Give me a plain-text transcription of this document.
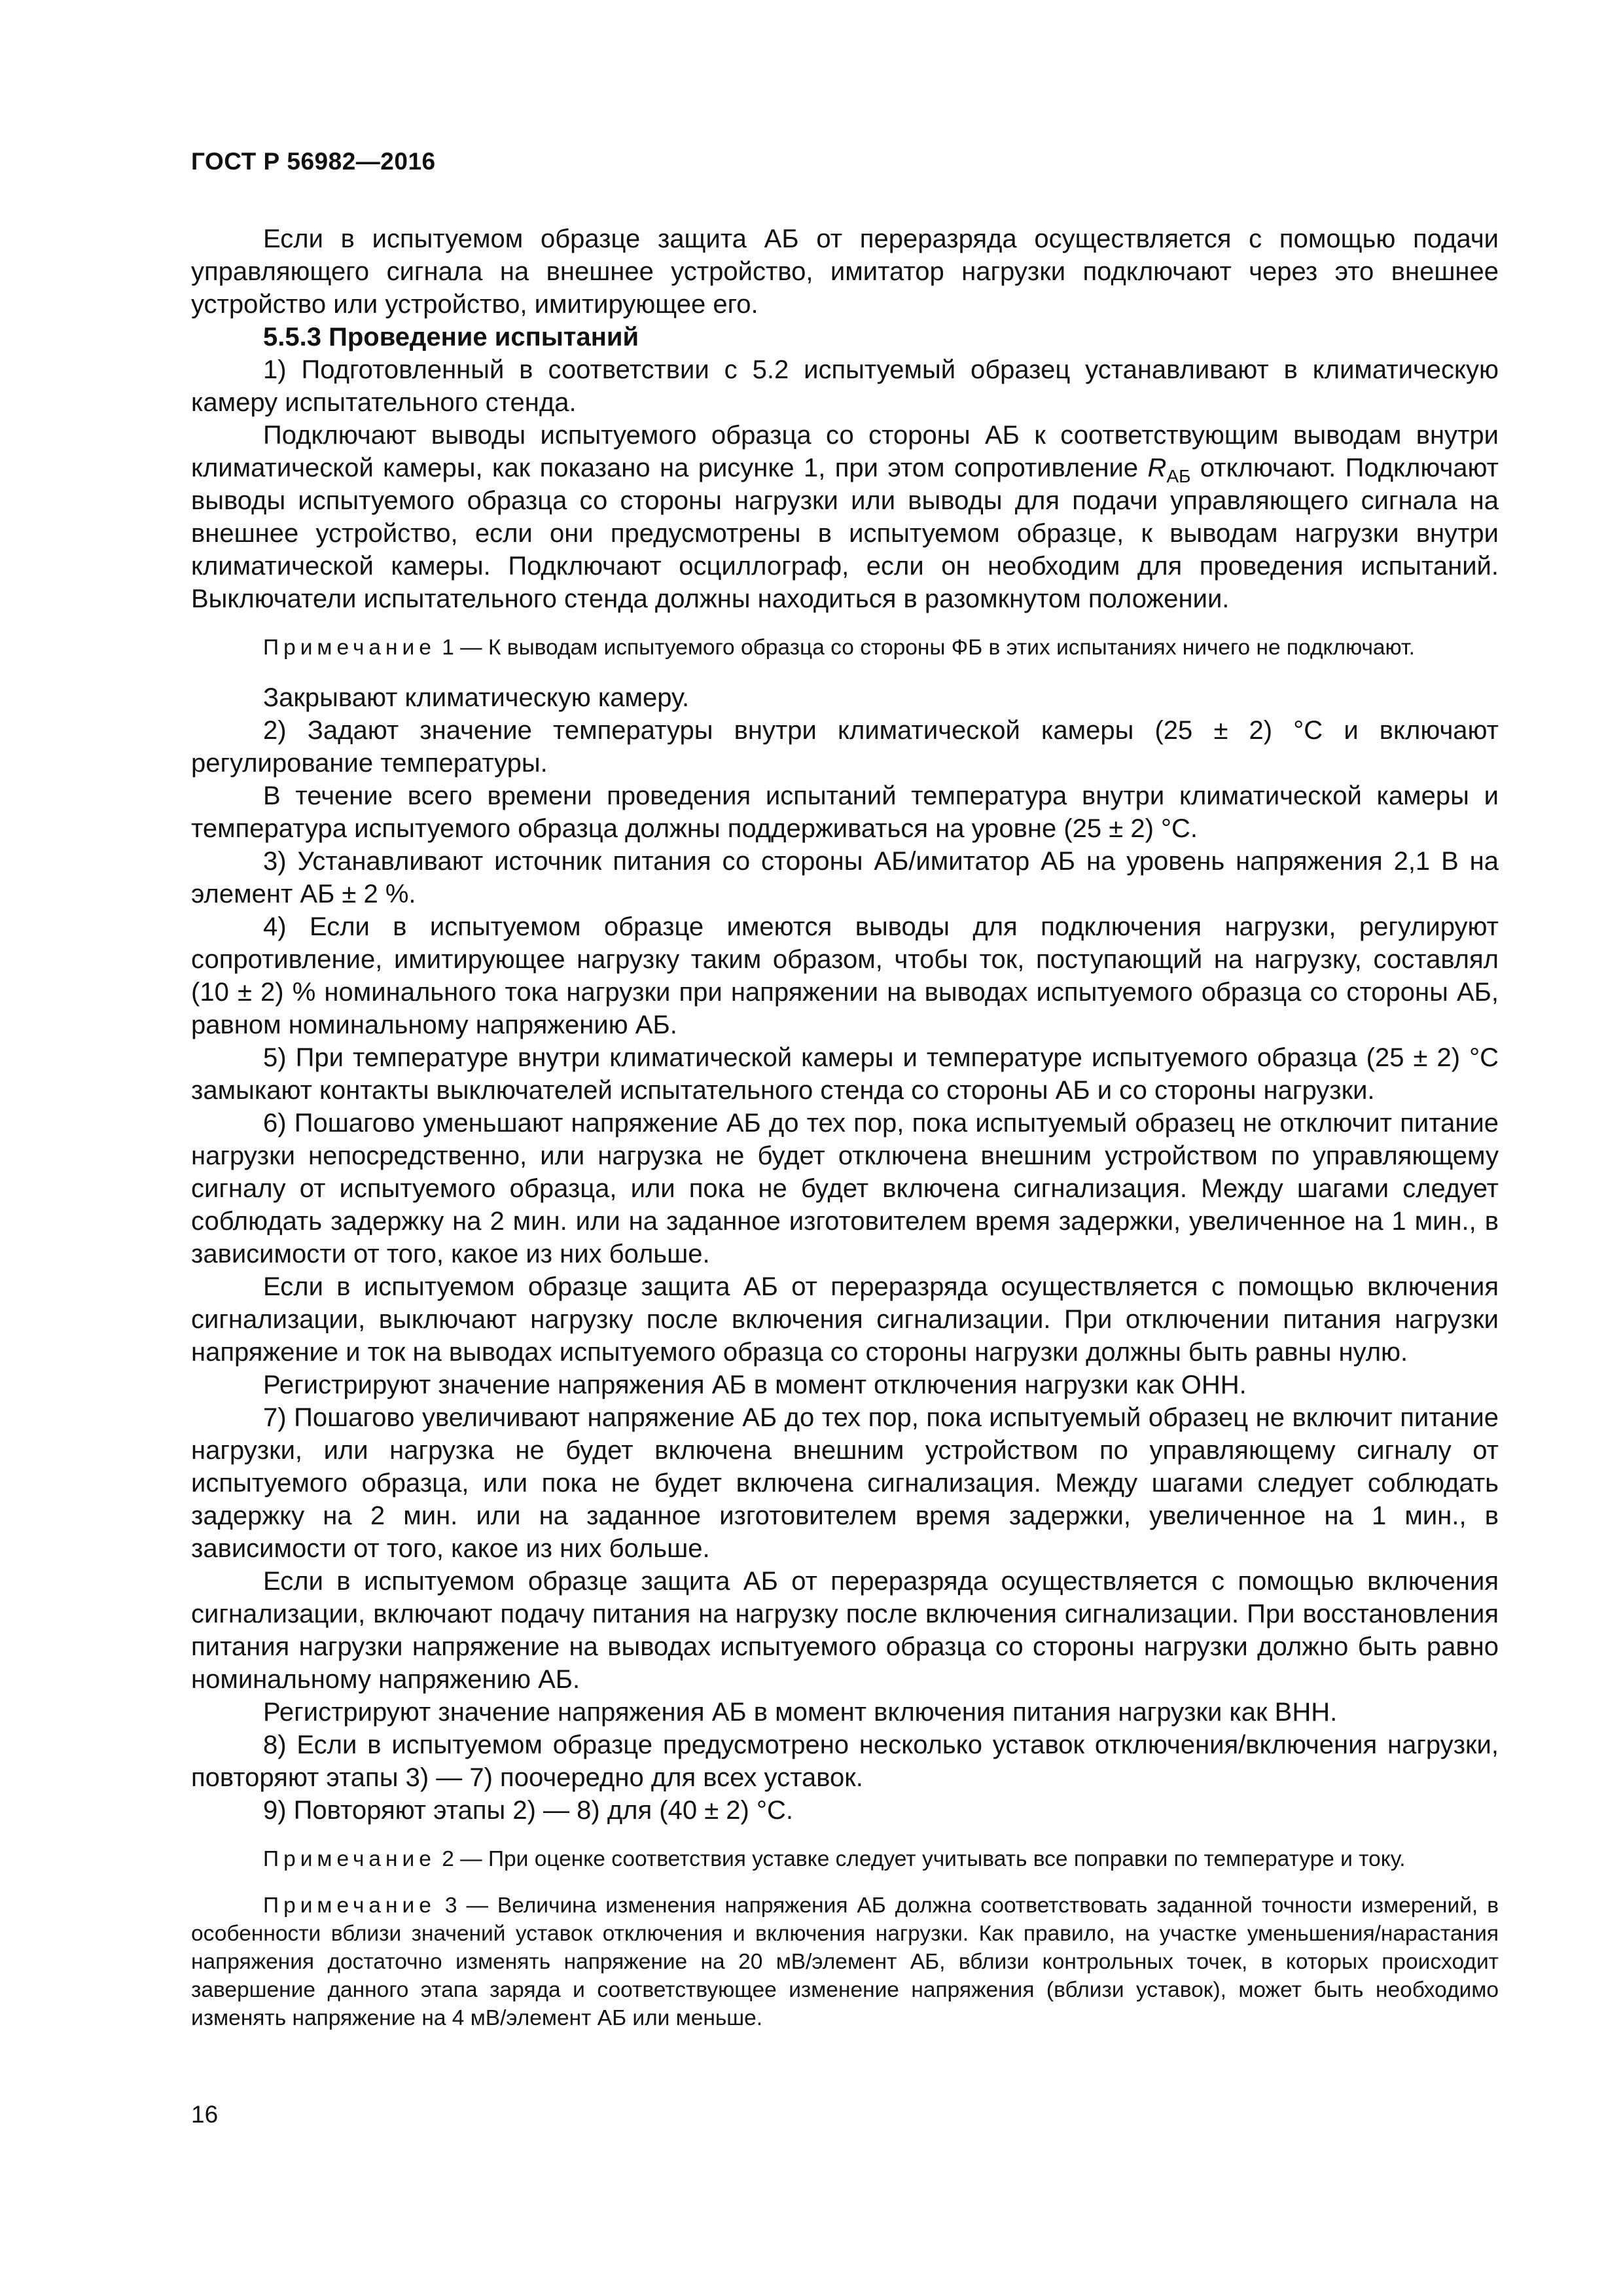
ГОСТ Р 56982—2016

Если в испытуемом образце защита АБ от переразряда осуществляется с помощью подачи управляющего сигнала на внешнее устройство, имитатор нагрузки подключают через это внешнее устройство или устройство, имитирующее его.

5.5.3 Проведение испытаний

1) Подготовленный в соответствии с 5.2 испытуемый образец устанавливают в климатическую камеру испытательного стенда.

Подключают выводы испытуемого образца со стороны АБ к соответствующим выводам внутри климатической камеры, как показано на рисунке 1, при этом сопротивление $R_{АБ}$ отключают. Подключают выводы испытуемого образца со стороны нагрузки или выводы для подачи управляющего сигнала на внешнее устройство, если они предусмотрены в испытуемом образце, к выводам нагрузки внутри климатической камеры. Подключают осциллограф, если он необходим для проведения испытаний. Выключатели испытательного стенда должны находиться в разомкнутом положении.

Примечание 1 — К выводам испытуемого образца со стороны ФБ в этих испытаниях ничего не подключают.

Закрывают климатическую камеру.

2) Задают значение температуры внутри климатической камеры (25 ± 2) °С и включают регулирование температуры.

В течение всего времени проведения испытаний температура внутри климатической камеры и температура испытуемого образца должны поддерживаться на уровне (25 ± 2) °С.

3) Устанавливают источник питания со стороны АБ/имитатор АБ на уровень напряжения 2,1 В на элемент АБ ± 2 %.

4) Если в испытуемом образце имеются выводы для подключения нагрузки, регулируют сопротивление, имитирующее нагрузку таким образом, чтобы ток, поступающий на нагрузку, составлял (10 ± 2) % номинального тока нагрузки при напряжении на выводах испытуемого образца со стороны АБ, равном номинальному напряжению АБ.

5) При температуре внутри климатической камеры и температуре испытуемого образца (25 ± 2) °С замыкают контакты выключателей испытательного стенда со стороны АБ и со стороны нагрузки.

6) Пошагово уменьшают напряжение АБ до тех пор, пока испытуемый образец не отключит питание нагрузки непосредственно, или нагрузка не будет отключена внешним устройством по управляющему сигналу от испытуемого образца, или пока не будет включена сигнализация. Между шагами следует соблюдать задержку на 2 мин. или на заданное изготовителем время задержки, увеличенное на 1 мин., в зависимости от того, какое из них больше.

Если в испытуемом образце защита АБ от переразряда осуществляется с помощью включения сигнализации, выключают нагрузку после включения сигнализации. При отключении питания нагрузки напряжение и ток на выводах испытуемого образца со стороны нагрузки должны быть равны нулю.

Регистрируют значение напряжения АБ в момент отключения нагрузки как ОНН.

7) Пошагово увеличивают напряжение АБ до тех пор, пока испытуемый образец не включит питание нагрузки, или нагрузка не будет включена внешним устройством по управляющему сигналу от испытуемого образца, или пока не будет включена сигнализация. Между шагами следует соблюдать задержку на 2 мин. или на заданное изготовителем время задержки, увеличенное на 1 мин., в зависимости от того, какое из них больше.

Если в испытуемом образце защита АБ от переразряда осуществляется с помощью включения сигнализации, включают подачу питания на нагрузку после включения сигнализации. При восстановления питания нагрузки напряжение на выводах испытуемого образца со стороны нагрузки должно быть равно номинальному напряжению АБ.

Регистрируют значение напряжения АБ в момент включения питания нагрузки как ВНН.

8) Если в испытуемом образце предусмотрено несколько уставок отключения/включения нагрузки, повторяют этапы 3) — 7) поочередно для всех уставок.

9) Повторяют этапы 2) — 8) для (40 ± 2) °С.

Примечание 2 — При оценке соответствия уставке следует учитывать все поправки по температуре и току.

Примечание 3 — Величина изменения напряжения АБ должна соответствовать заданной точности измерений, в особенности вблизи значений уставок отключения и включения нагрузки. Как правило, на участке уменьшения/нарастания напряжения достаточно изменять напряжение на 20 мВ/элемент АБ, вблизи контрольных точек, в которых происходит завершение данного этапа заряда и соответствующее изменение напряжения (вблизи уставок), может быть необходимо изменять напряжение на 4 мВ/элемент АБ или меньше.

16
